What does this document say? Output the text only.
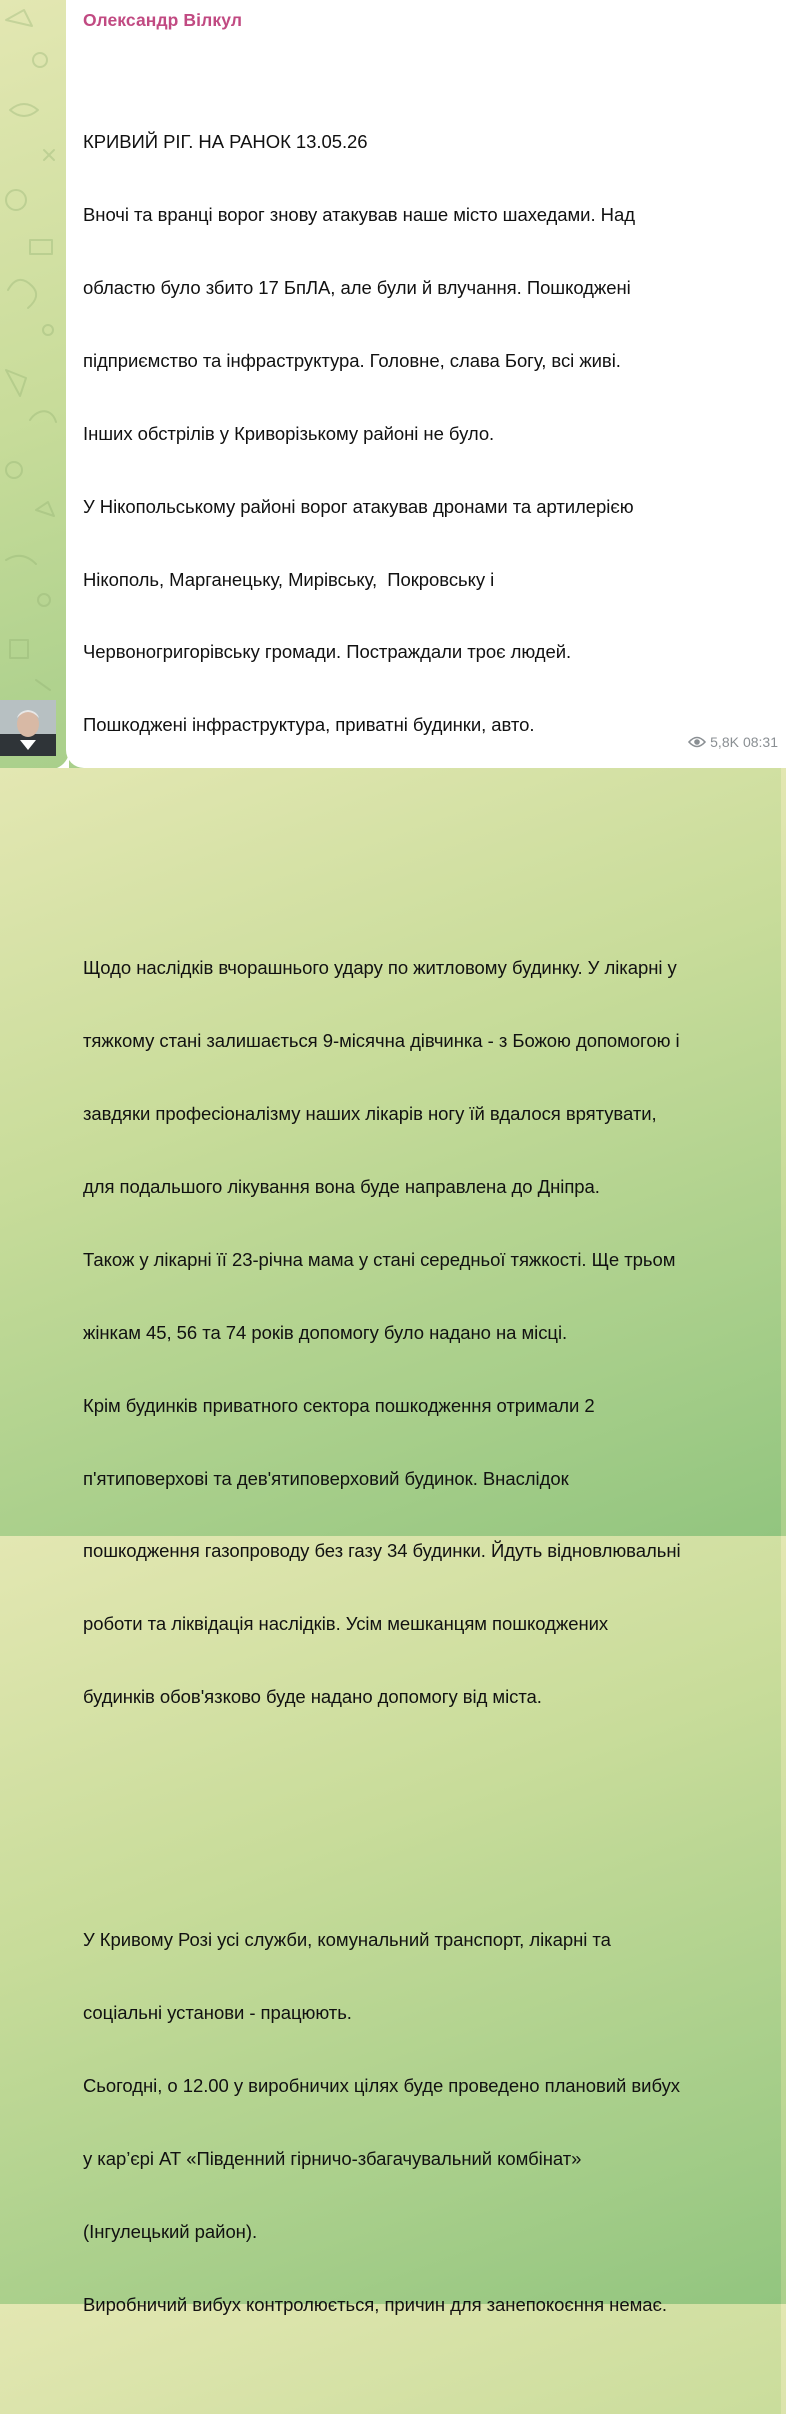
Олександр Вілкул

КРИВИЙ РІГ. НА РАНОК 13.05.26

Вночі та вранці ворог знову атакував наше місто шахедами. Над

областю було збито 17 БпЛА, але були й влучання. Пошкоджені

підприємство та інфраструктура. Головне, слава Богу, всі живі.

Інших обстрілів у Криворізькому районі не було.

У Нікопольському районі ворог атакував дронами та артилерією

Нікополь, Марганецьку, Мирівську,  Покровську і

Червоногригорівську громади. Постраждали троє людей.

Пошкоджені інфраструктура, приватні будинки, авто.

Щодо наслідків вчорашнього удару по житловому будинку. У лікарні у

тяжкому стані залишається 9-місячна дівчинка - з Божою допомогою і

завдяки професіоналізму наших лікарів ногу їй вдалося врятувати,

для подальшого лікування вона буде направлена до Дніпра.

Також у лікарні її 23-річна мама у стані середньої тяжкості. Ще трьом

жінкам 45, 56 та 74 років допомогу було надано на місці.

Крім будинків приватного сектора пошкодження отримали 2

п'ятиповерхові та дев'ятиповерховий будинок. Внаслідок

пошкодження газопроводу без газу 34 будинки. Йдуть відновлювальні

роботи та ліквідація наслідків. Усім мешканцям пошкоджених

будинків обов'язково буде надано допомогу від міста.

У Кривому Розі усі служби, комунальний транспорт, лікарні та

соціальні установи - працюють.

Сьогодні, о 12.00 у виробничих цілях буде проведено плановий вибух

у кар’єрі АТ «Південний гірничо-збагачувальний комбінат»

(Інгулецький район).

Виробничий вибух контролюється, причин для занепокоєння немає.

5,8K 08:31
